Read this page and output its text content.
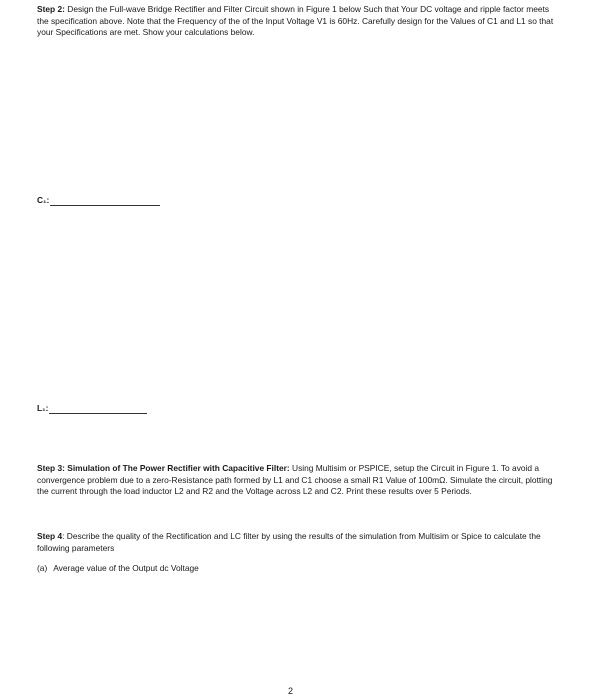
Step 2: Design the Full-wave Bridge Rectifier and Filter Circuit shown in Figure 1 below Such that Your DC voltage and ripple factor meets the specification above. Note that the Frequency of the of the Input Voltage V1 is 60Hz. Carefully design for the Values of C1 and L1 so that your Specifications are met. Show your calculations below.

C₁:
L₁:

Step 3: Simulation of The Power Rectifier with Capacitive Filter: Using Multisim or PSPICE, setup the Circuit in Figure 1. To avoid a convergence problem due to a zero-Resistance path formed by L1 and C1 choose a small R1 Value of 100mΩ. Simulate the circuit, plotting the current through the load inductor L2 and R2 and the Voltage across L2 and C2. Print these results over 5 Periods.

Step 4: Describe the quality of the Rectification and LC filter by using the results of the simulation from Multisim or Spice to calculate the following parameters

(a) Average value of the Output dc Voltage

2
